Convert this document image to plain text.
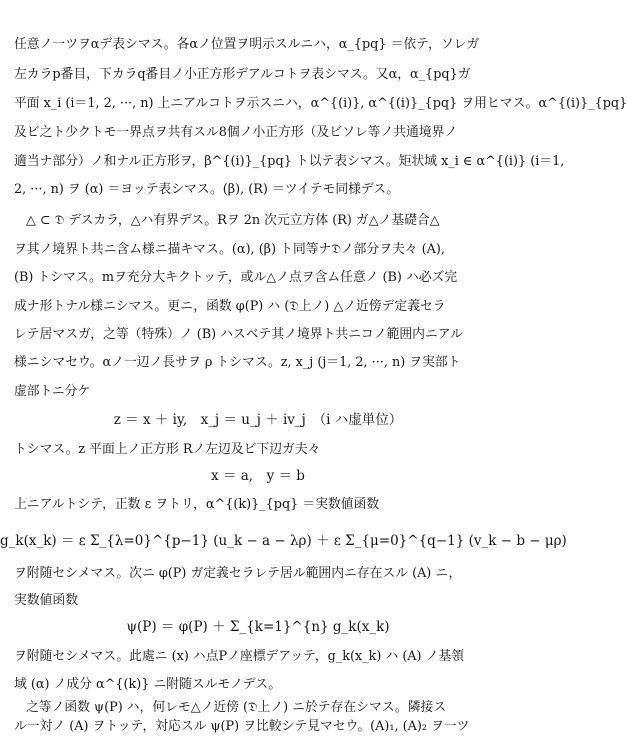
任意ノ一ツヲαデ表シマス。各αノ位置ヲ明示スルニハ，α_{pq} ＝依テ，ソレガ
左カラp番目，下カラq番目ノ小正方形デアルコトヲ表シマス。又α，α_{pq}ガ
平面 x_i (i＝1, 2, ···, n) 上ニアルコトヲ示スニハ，α^{(i)}, α^{(i)}_{pq} ヲ用ヒマス。α^{(i)}_{pq}
及ビ之ト少クトモ一界点ヲ共有スル8個ノ小正方形（及ビソレ等ノ共通境界ノ
適当ナ部分）ノ和ナル正方形ヲ，β^{(i)}_{pq} ト以テ表シマス。矩状域 x_i ∈ α^{(i)} (i＝1,
2, ···, n) ヲ (α) ＝ヨッテ表シマス。(β), (R) ＝ツイテモ同様デス。
△ ⊂ 𝔇 デスカラ，△ハ有界デス。Rヲ 2n 次元立方体 (R) ガ△ノ基礎合△
ヲ其ノ境界ト共ニ含ム様ニ描キマス。(α), (β) ト同等ナ𝔇ノ部分ヲ夫々 (A),
(B) トシマス。mヲ充分大キクトッテ，或ル△ノ点ヲ含ム任意ノ (B) ハ必ズ完
成ナ形トナル様ニシマス。更ニ，函数 φ(P) ハ (𝔇上ノ) △ノ近傍デ定義セラ
レテ居マスガ，之等（特殊）ノ (B) ハスベテ其ノ境界ト共ニコノ範囲内ニアル
様ニシマセウ。αノ一辺ノ長サヲ ρ トシマス。z, x_j (j＝1, 2, ···, n) ヲ実部ト
虚部トニ分ケ
z ＝ x ＋ iy,　x_j ＝ u_j ＋ iv_j　（i ハ虚単位）
トシマス。z 平面上ノ正方形 Rノ左辺及ビ下辺ガ夫々
x ＝ a,　y ＝ b
上ニアルトシテ，正数 ε ヲトリ，α^{(k)}_{pq} ＝実数値函数
g_k(x_k) ＝ ε Σ_{λ=0}^{p−1} (u_k − a − λρ) ＋ ε Σ_{μ=0}^{q−1} (v_k − b − μρ)
ヲ附随セシメマス。次ニ φ(P) ガ定義セラレテ居ル範囲内ニ存在スル (A) ニ，
実数値函数
ψ(P) ＝ φ(P) ＋ Σ_{k=1}^{n} g_k(x_k)
ヲ附随セシメマス。此處ニ (x) ハ点Pノ座標デアッテ，g_k(x_k) ハ (A) ノ基領
域 (α) ノ成分 α^{(k)} ニ附随スルモノデス。
之等ノ函数 ψ(P) ハ，何レモ△ノ近傍 (𝔇上ノ) ニ於テ存在シマス。隣接ス
ル一対ノ (A) ヲトッテ，対応スル ψ(P) ヲ比較シテ見マセウ。(A)₁, (A)₂ ヲ一ツ
